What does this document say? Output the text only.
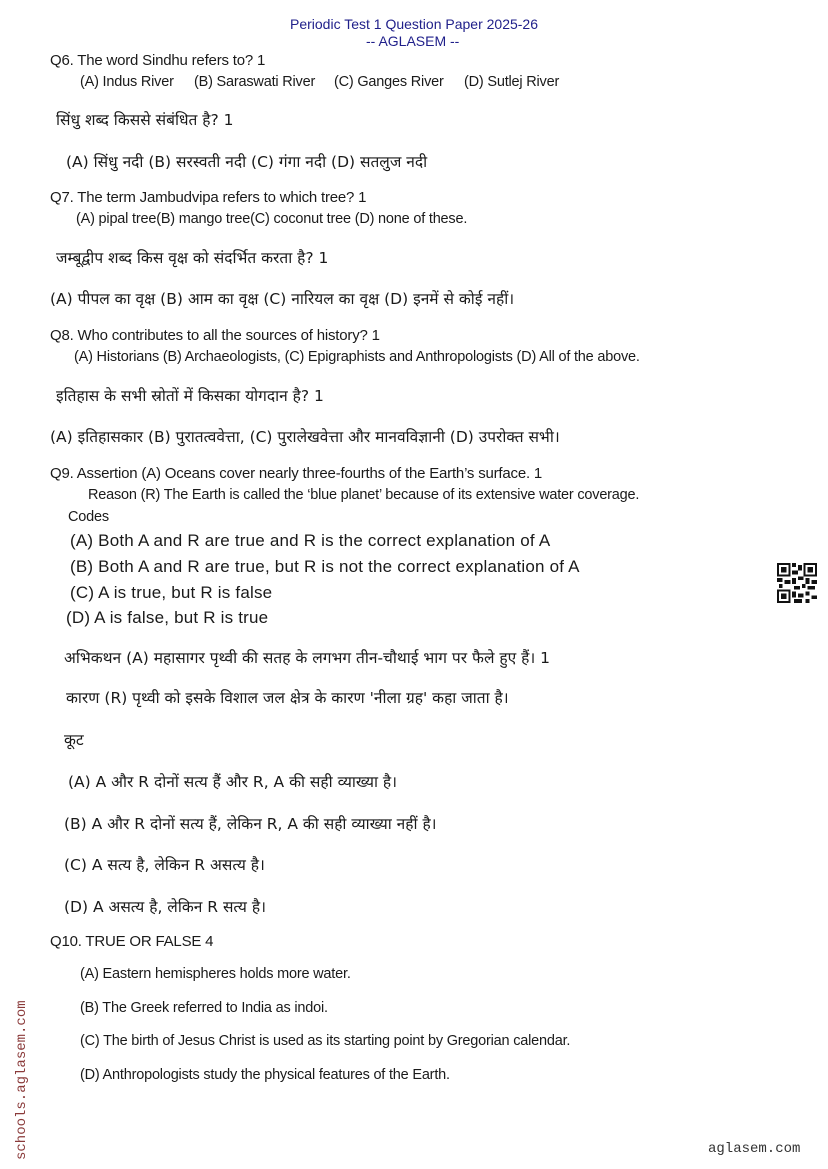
Periodic Test 1 Question Paper 2025-26
-- AGLASEM --
Q6. The word Sindhu refers to? 1
(A) Indus River (B) Saraswati River (C) Ganges River (D) Sutlej River
सिंधु शब्द किससे संबंधित है? 1
(A) सिंधु नदी (B) सरस्वती नदी (C) गंगा नदी (D) सतलुज नदी
Q7. The term Jambudvipa refers to which tree? 1
(A) pipal tree(B) mango tree(C) coconut tree (D) none of these.
जम्बूद्वीप शब्द किस वृक्ष को संदर्भित करता है? 1
(A) पीपल का वृक्ष (B) आम का वृक्ष (C) नारियल का वृक्ष (D) इनमें से कोई नहीं।
Q8. Who contributes to all the sources of history? 1
(A) Historians (B) Archaeologists, (C) Epigraphists and Anthropologists (D) All of the above.
इतिहास के सभी स्रोतों में किसका योगदान है? 1
(A) इतिहासकार (B) पुरातत्ववेत्ता, (C) पुरालेखवेत्ता और मानवविज्ञानी (D) उपरोक्त सभी।
Q9. Assertion (A) Oceans cover nearly three-fourths of the Earth’s surface. 1
Reason (R) The Earth is called the ‘blue planet’ because of its extensive water coverage.
Codes
(A) Both A and R are true and R is the correct explanation of A
(B) Both A and R are true, but R is not the correct explanation of A
(C) A is true, but R is false
(D) A is false, but R is true
अभिकथन (A) महासागर पृथ्वी की सतह के लगभग तीन-चौथाई भाग पर फैले हुए हैं। 1
कारण (R) पृथ्वी को इसके विशाल जल क्षेत्र के कारण 'नीला ग्रह' कहा जाता है।
कूट
(A) A और R दोनों सत्य हैं और R, A की सही व्याख्या है।
(B) A और R दोनों सत्य हैं, लेकिन R, A की सही व्याख्या नहीं है।
(C) A सत्य है, लेकिन R असत्य है।
(D) A असत्य है, लेकिन R सत्य है।
Q10. TRUE OR FALSE 4
(A) Eastern hemispheres holds more water.
(B) The Greek referred to India as indoi.
(C) The birth of Jesus Christ is used as its starting point by Gregorian calendar.
(D) Anthropologists study the physical features of the Earth.
schools.aglasem.com	aglasem.com
